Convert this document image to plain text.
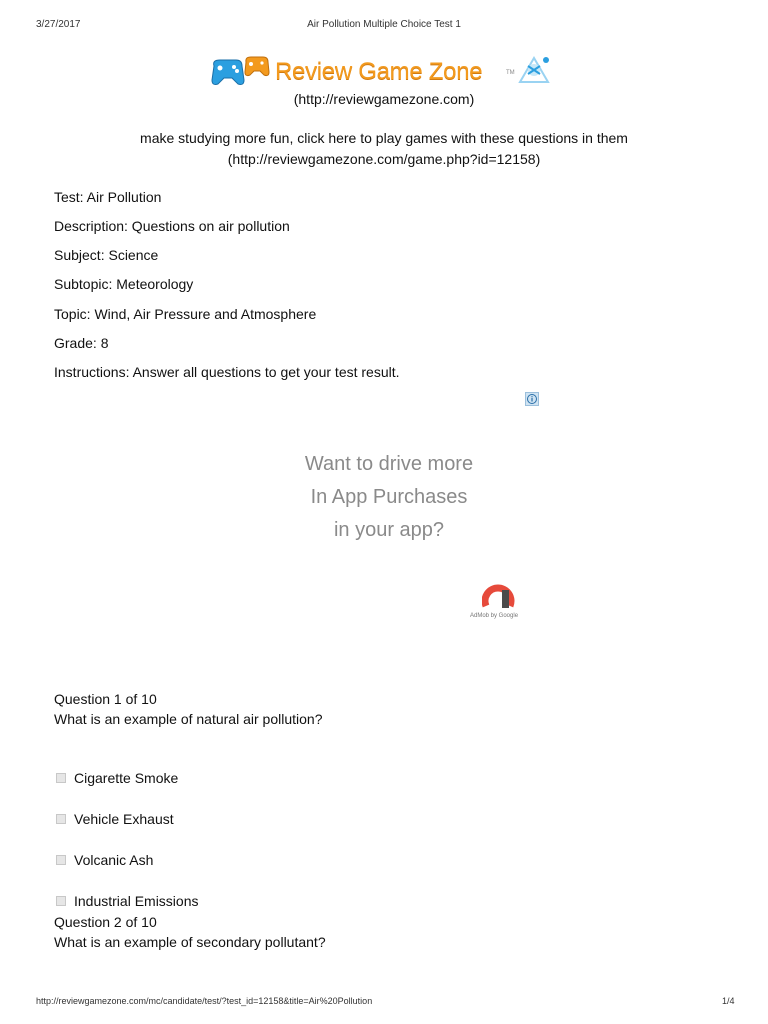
3/27/2017	Air Pollution Multiple Choice Test 1
Review Game Zone	TM
(http://reviewgamezone.com)
make studying more fun, click here to play games with these questions in them
(http://reviewgamezone.com/game.php?id=12158)
Test: Air Pollution
Description: Questions on air pollution
Subject: Science
Subtopic: Meteorology
Topic: Wind, Air Pressure and Atmosphere
Grade: 8
Instructions: Answer all questions to get your test result.
Want to drive more
In App Purchases
in your app?
AdMob by Google
Question 1 of 10
What is an example of natural air pollution?
Cigarette Smoke
Vehicle Exhaust
Volcanic Ash
Industrial Emissions
Question 2 of 10
What is an example of secondary pollutant?
http://reviewgamezone.com/mc/candidate/test/?test_id=12158&title=Air%20Pollution	1/4
